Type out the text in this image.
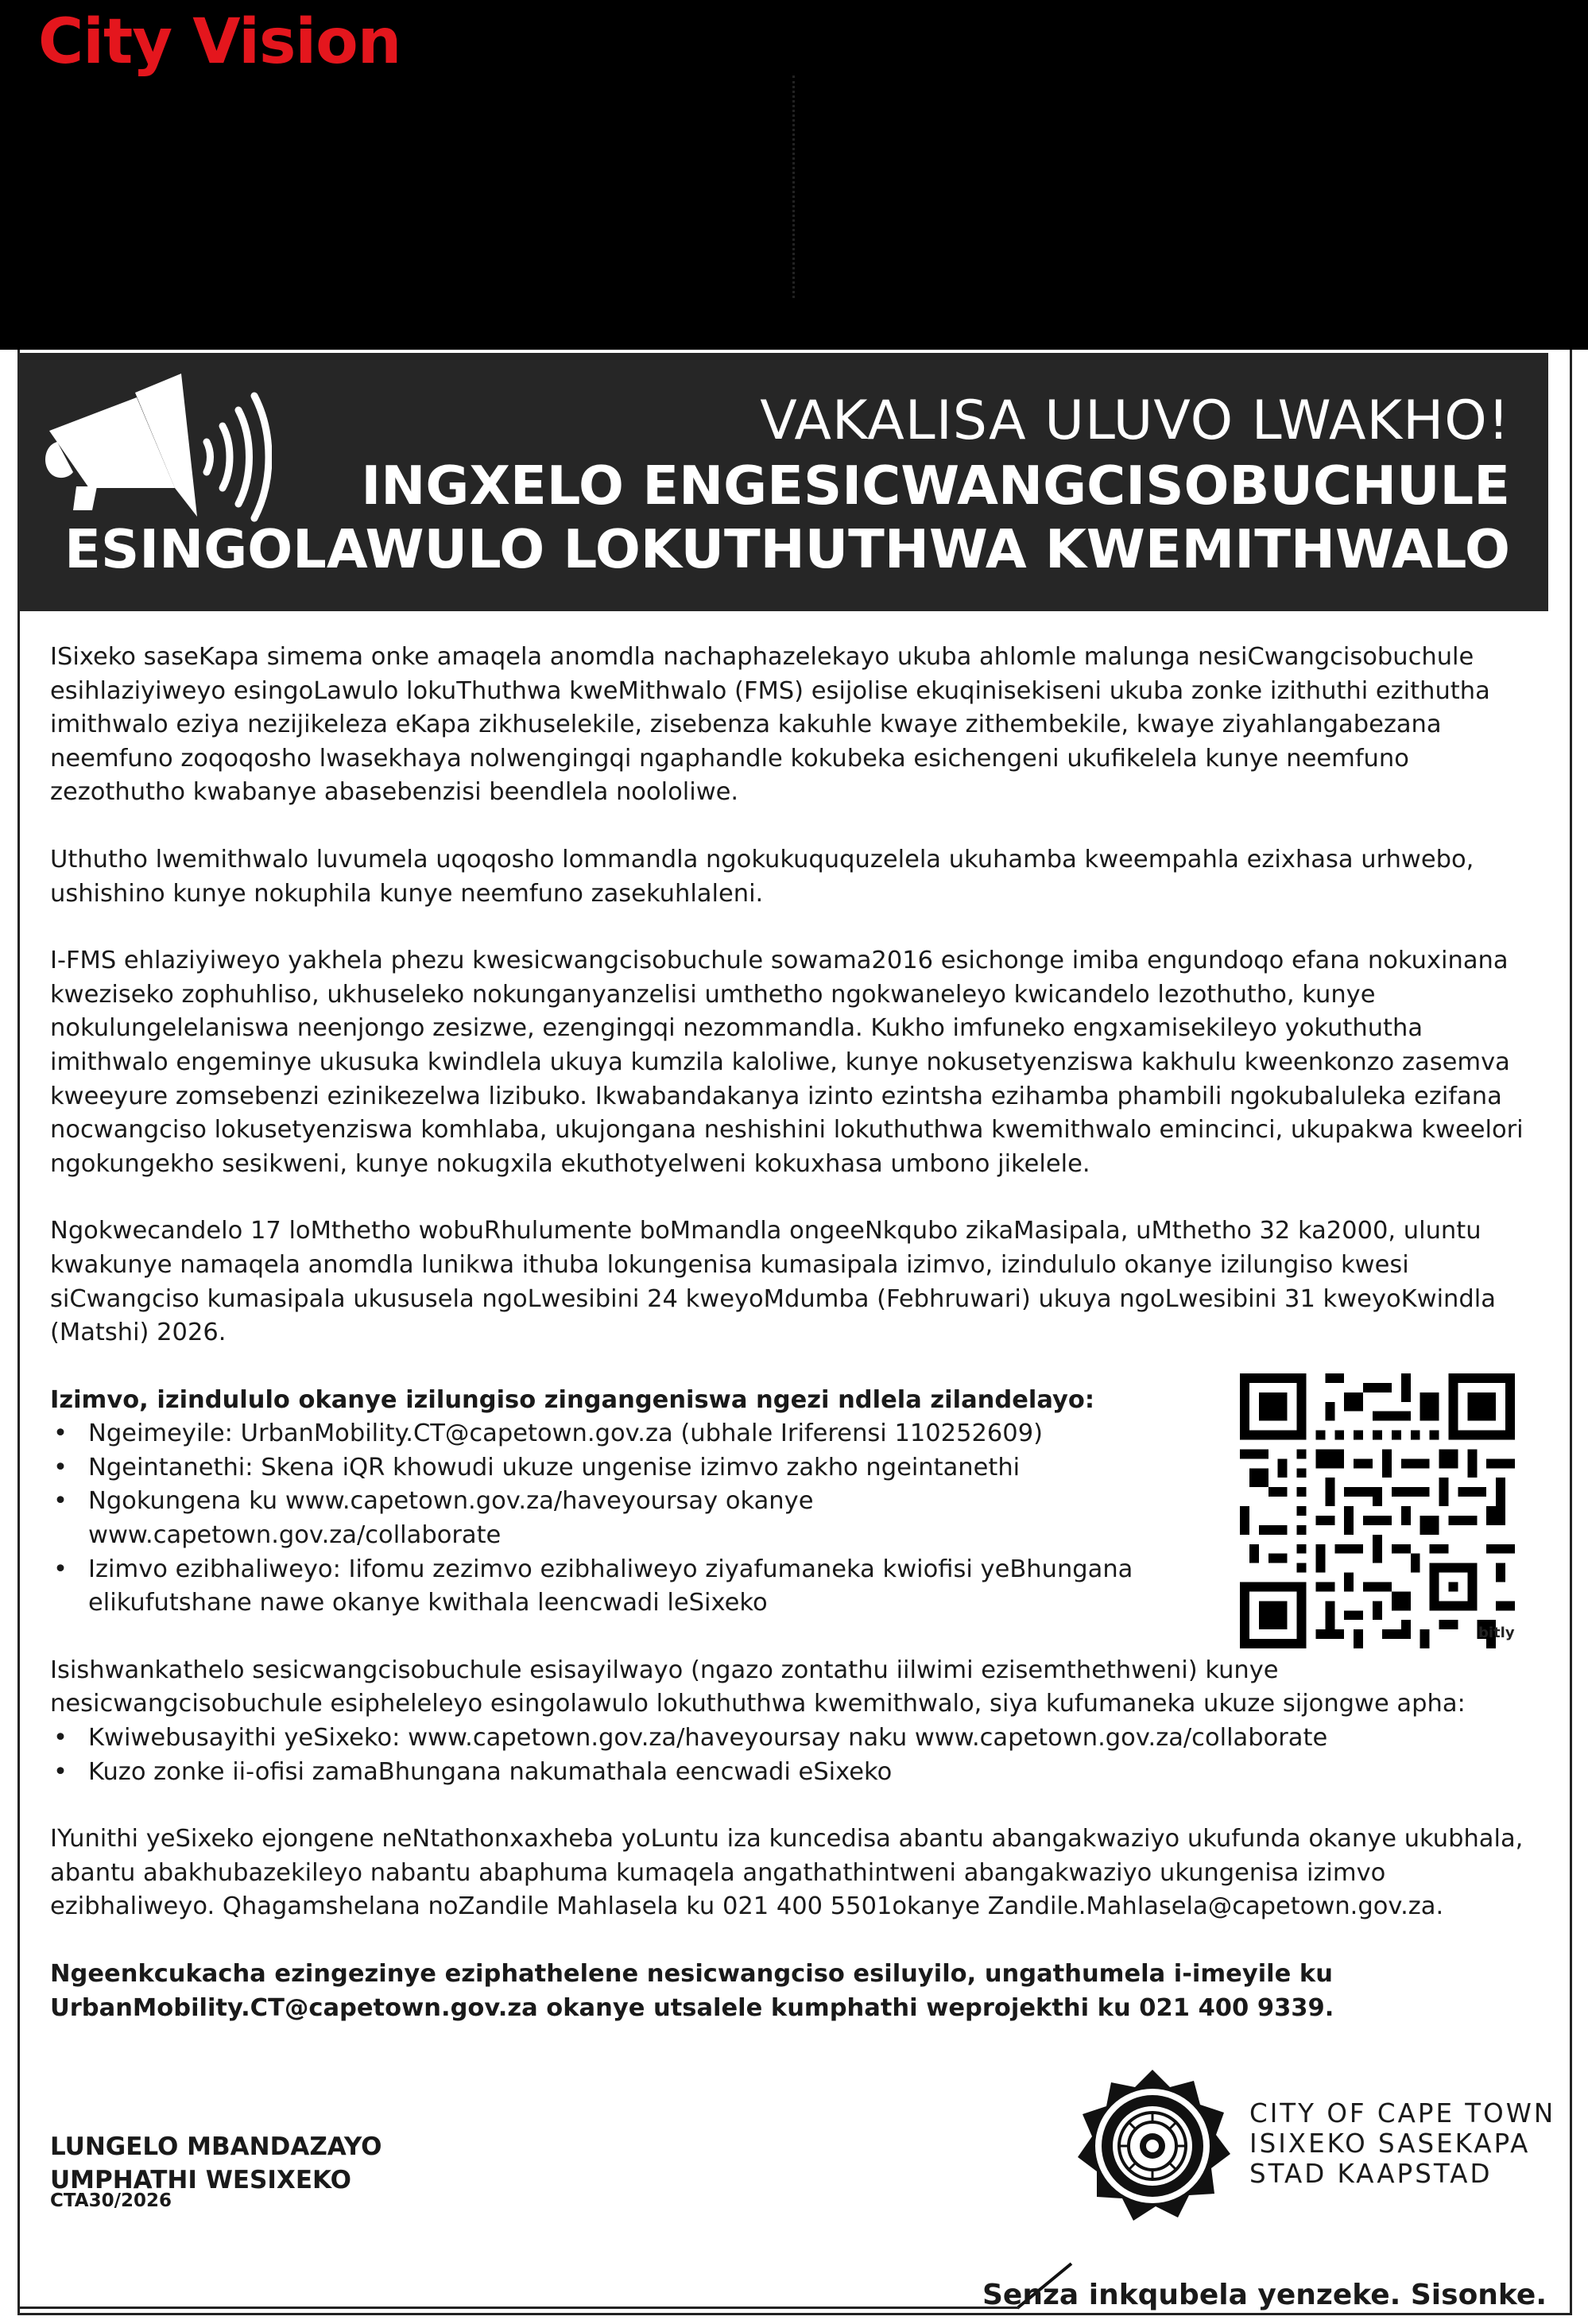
City Vision
VAKALISA ULUVO LWAKHO!
INGXELO ENGESICWANGCISOBUCHULE
ESINGOLAWULO LOKUTHUTHWA KWEMITHWALO

ISixeko saseKapa simema onke amaqela anomdla nachaphazelekayo ukuba ahlomle malunga nesiCwangcisobuchule esihlaziyiweyo esingoLawulo lokuThuthwa kweMithwalo (FMS) esijolise ekuqinisekiseni ukuba zonke izithuthi ezithutha imithwalo eziya nezijikeleza eKapa zikhuselekile, zisebenza kakuhle kwaye zithembekile, kwaye ziyahlangabezana neemfuno zoqoqosho lwasekhaya nolwengingqi ngaphandle kokubeka esichengeni ukufikelela kunye neemfuno zezothutho kwabanye abasebenzisi beendlela noololiwe.

Uthutho lwemithwalo luvumela uqoqosho lommandla ngokukuququzelela ukuhamba kweempahla ezixhasa urhwebo, ushishino kunye nokuphila kunye neemfuno zasekuhlaleni.

I-FMS ehlaziyiweyo yakhela phezu kwesicwangcisobuchule sowama2016 esichonge imiba engundoqo efana nokuxinana kweziseko zophuhliso, ukhuseleko nokunganyanzelisi umthetho ngokwaneleyo kwicandelo lezothutho, kunye nokulungelelaniswa neenjongo zesizwe, ezengingqi nezommandla. Kukho imfuneko engxamisekileyo yokuthutha imithwalo engeminye ukusuka kwindlela ukuya kumzila kaloliwe, kunye nokusetyenziswa kakhulu kweenkonzo zasemva kweeyure zomsebenzi ezinikezelwa lizibuko. Ikwabandakanya izinto ezintsha ezihamba phambili ngokubaluleka ezifana nocwangciso lokusetyenziswa komhlaba, ukujongana neshishini lokuthuthwa kwemithwalo emincinci, ukupakwa kweelori ngokungekho sesikweni, kunye nokugxila ekuthotyelweni kokuxhasa umbono jikelele.

Ngokwecandelo 17 loMthetho wobuRhulumente boMmandla ongeeNkqubo zikaMasipala, uMthetho 32 ka2000, uluntu kwakunye namaqela anomdla lunikwa ithuba lokungenisa kumasipala izimvo, izindululo okanye izilungiso kwesi siCwangciso kumasipala ukususela ngoLwesibini 24 kweyoMdumba (Febhruwari) ukuya ngoLwesibini 31 kweyoKwindla (Matshi) 2026.

Izimvo, izindululo okanye izilungiso zingangeniswa ngezi ndlela zilandelayo:
• Ngeimeyile: UrbanMobility.CT@capetown.gov.za (ubhale Iriferensi 110252609)
• Ngeintanethi: Skena iQR khowudi ukuze ungenise izimvo zakho ngeintanethi
• Ngokungena ku www.capetown.gov.za/haveyoursay okanye www.capetown.gov.za/collaborate
• Izimvo ezibhaliweyo: Iifomu zezimvo ezibhaliweyo ziyafumaneka kwiofisi yeBhungana elikufutshane nawe okanye kwithala leencwadi leSixeko
Isishwankathelo sesicwangcisobuchule esisayilwayo (ngazo zontathu iilwimi ezisemthethweni) kunye nesicwangcisobuchule esipheleleyo esingolawulo lokuthuthwa kwemithwalo, siya kufumaneka ukuze sijongwe apha:
• Kwiwebusayithi yeSixeko: www.capetown.gov.za/haveyoursay naku www.capetown.gov.za/collaborate
• Kuzo zonke ii-ofisi zamaBhungana nakumathala eencwadi eSixeko

IYunithi yeSixeko ejongene neNtathonxaxheba yoLuntu iza kuncedisa abantu abangakwaziyo ukufunda okanye ukubhala, abantu abakhubazekileyo nabantu abaphuma kumaqela angathathintweni abangakwaziyo ukungenisa izimvo ezibhaliweyo. Qhagamshelana noZandile Mahlasela ku 021 400 5501okanye Zandile.Mahlasela@capetown.gov.za.

Ngeenkcukacha ezingezinye eziphathelene nesicwangciso esiluyilo, ungathumela i-imeyile ku UrbanMobility.CT@capetown.gov.za okanye utsalele kumphathi weprojekthi ku 021 400 9339.

bitly
LUNGELO MBANDAZAYO
UMPHATHI WESIXEKO
CTA30/2026
CITY OF CAPE TOWN
ISIXEKO SASEKAPA
STAD KAAPSTAD
Senza inkqubela yenzeke. Sisonke.
